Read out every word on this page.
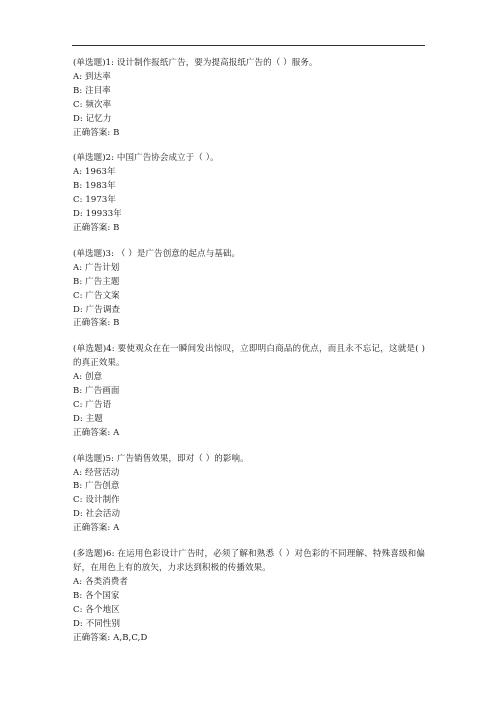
(单选题)1: 设计制作报纸广告，要为提高报纸广告的（ ）服务。
A: 到达率
B: 注目率
C: 频次率
D: 记忆力
正确答案: B
(单选题)2: 中国广告协会成立于（ ）。
A: 1963年
B: 1983年
C: 1973年
D: 19933年
正确答案: B
(单选题)3: （ ）是广告创意的起点与基础。
A: 广告计划
B: 广告主题
C: 广告文案
D: 广告调查
正确答案: B
(单选题)4: 要使观众在在一瞬间发出惊叹，立即明白商品的优点，而且永不忘记，这就是( )的真正效果。
A: 创意
B: 广告画面
C: 广告语
D: 主题
正确答案: A
(单选题)5: 广告销售效果，即对（ ）的影响。
A: 经营活动
B: 广告创意
C: 设计制作
D: 社会活动
正确答案: A
(多选题)6: 在运用色彩设计广告时，必须了解和熟悉（ ）对色彩的不同理解、特殊喜级和偏好，在用色上有的放矢，力求达到积极的传播效果。
A: 各类消费者
B: 各个国家
C: 各个地区
D: 不同性别
正确答案: A,B,C,D
